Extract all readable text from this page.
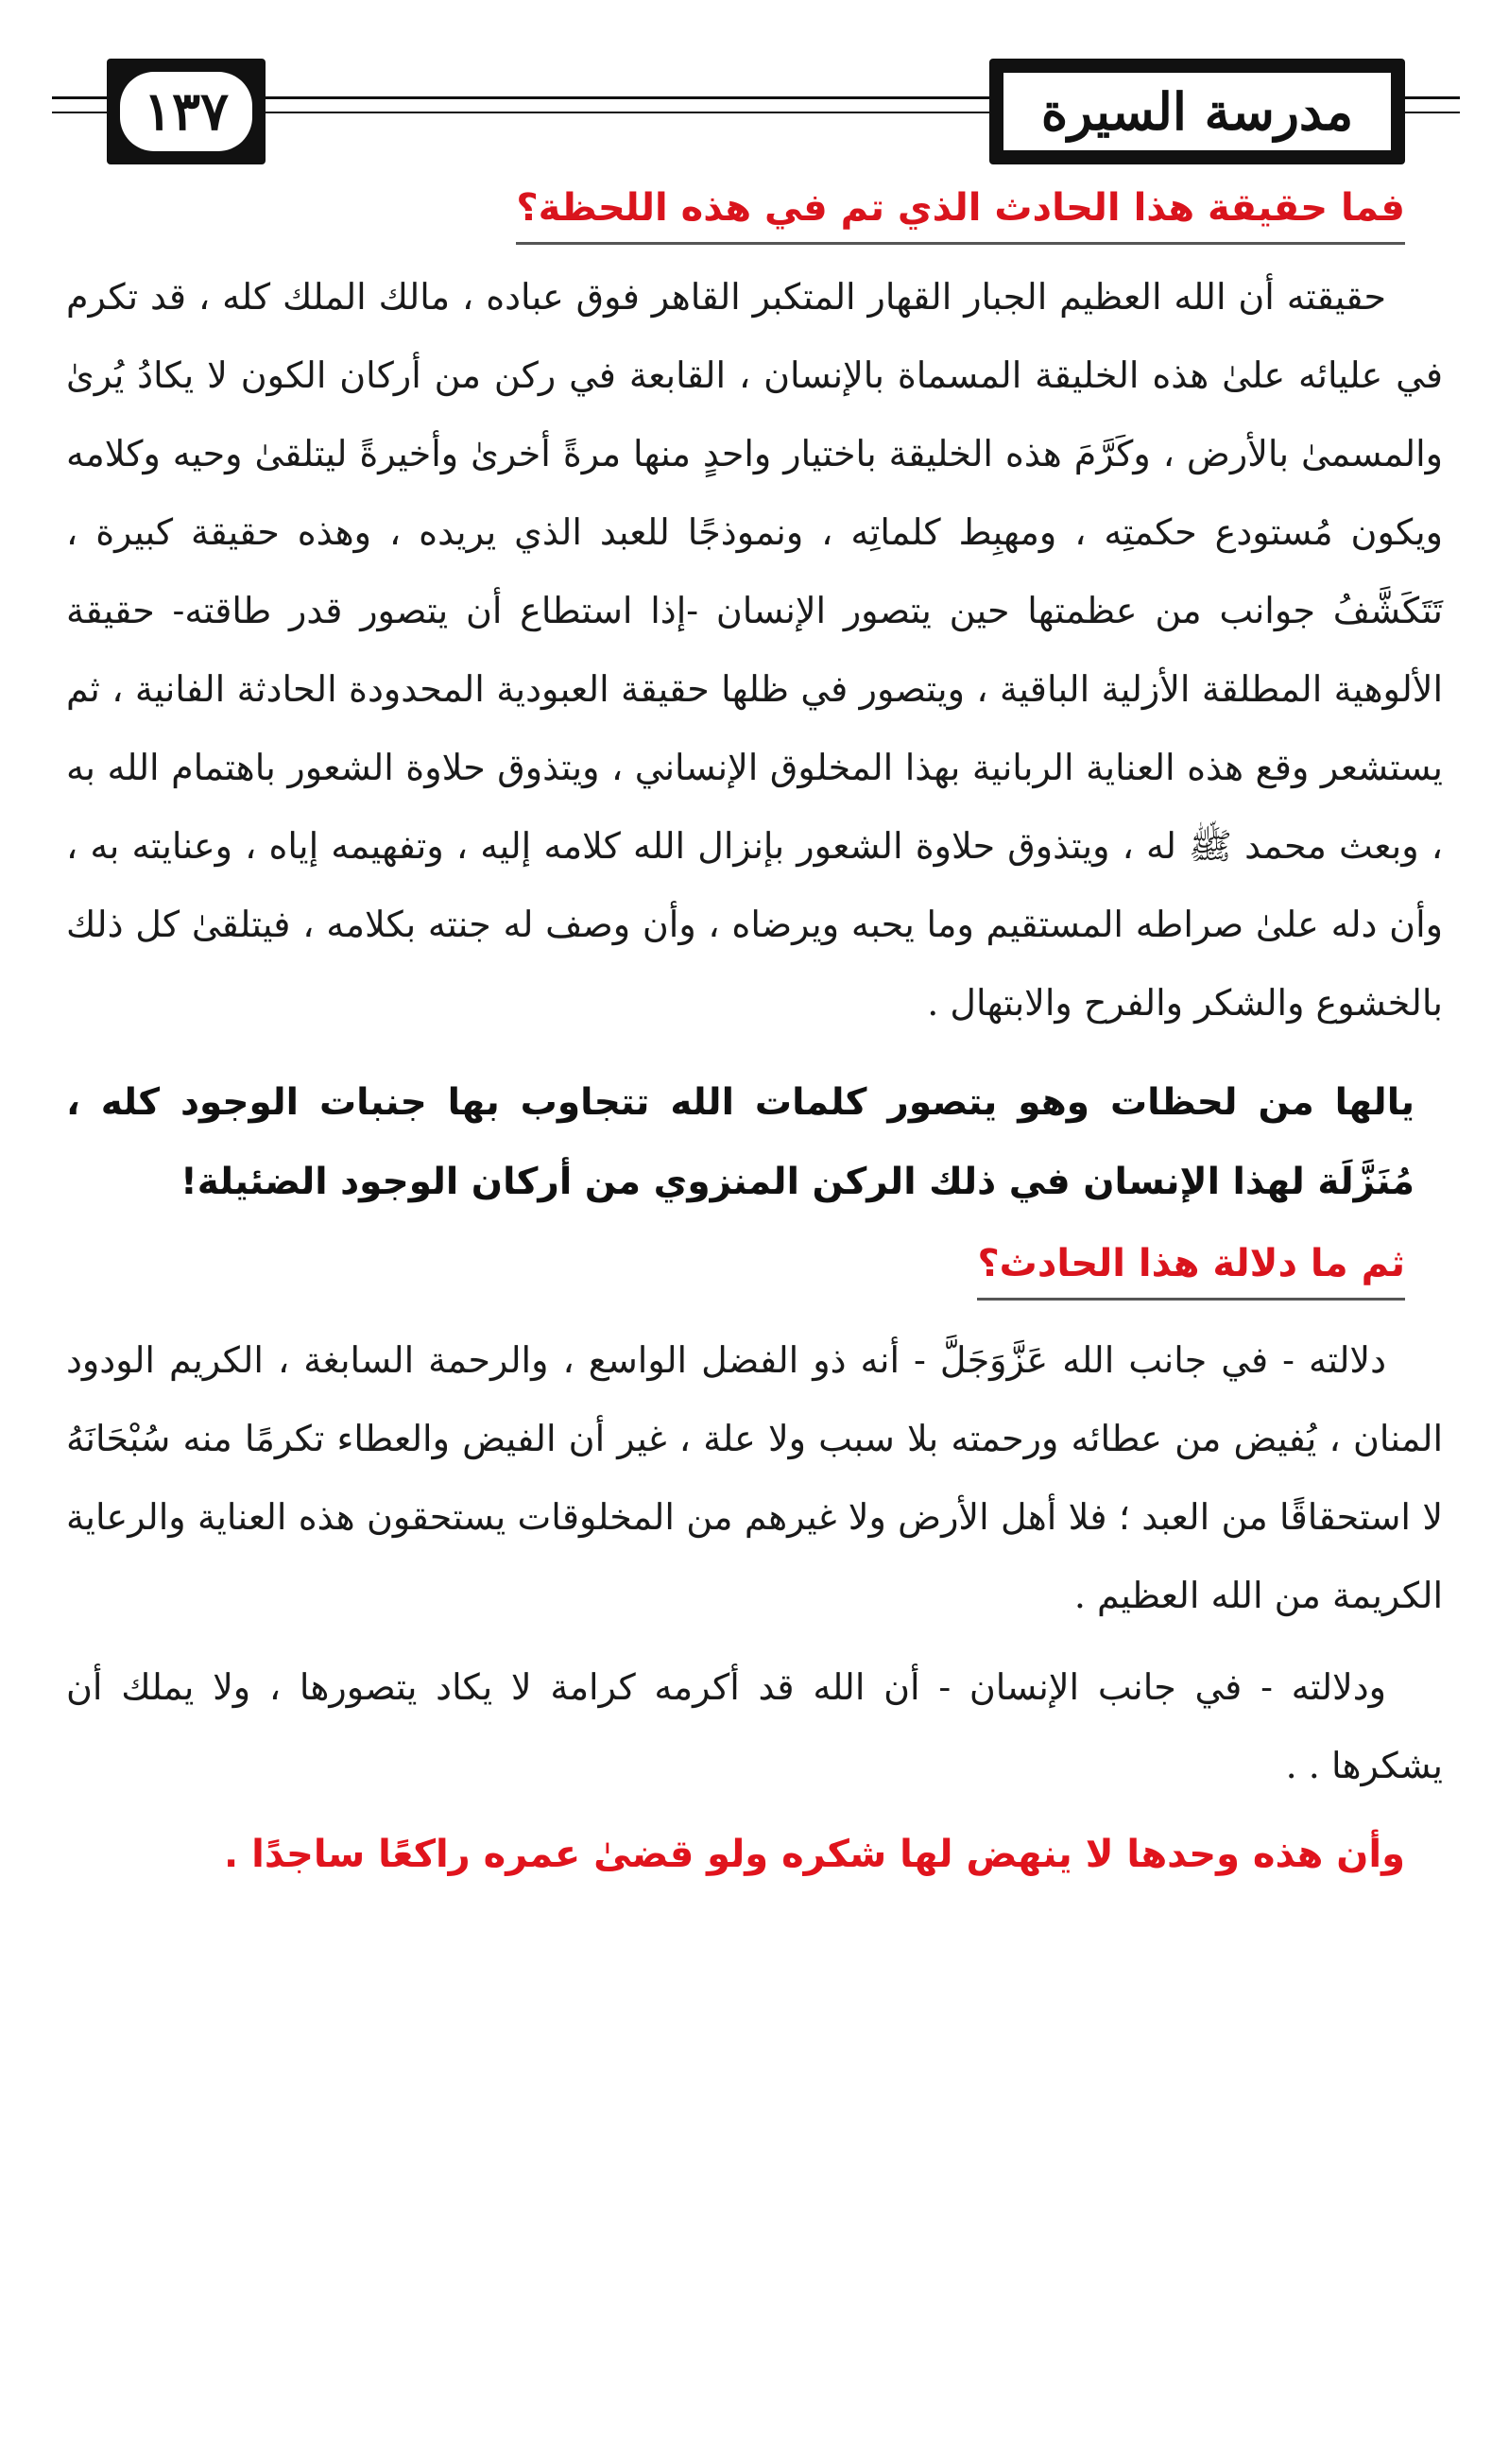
١٣٧	مدرسة السيرة
فما حقيقة هذا الحادث الذي تم في هذه اللحظة؟

حقيقته أن الله العظيم الجبار القهار المتكبر القاهر فوق عباده ، مالك الملك كله ، قد تكرم في عليائه علىٰ هذه الخليقة المسماة بالإنسان ، القابعة في ركن من أركان الكون لا يكادُ يُرىٰ والمسمىٰ بالأرض ، وكَرَّمَ هذه الخليقة باختيار واحدٍ منها مرةً أخرىٰ وأخيرةً ليتلقىٰ وحيه وكلامه ويكون مُستودع حكمتِه ، ومهبِط كلماتِه ، ونموذجًا للعبد الذي يريده ، وهذه حقيقة كبيرة ، تَتَكَشَّفُ جوانب من عظمتها حين يتصور الإنسان -إذا استطاع أن يتصور قدر طاقته- حقيقة الألوهية المطلقة الأزلية الباقية ، ويتصور في ظلها حقيقة العبودية المحدودة الحادثة الفانية ، ثم يستشعر وقع هذه العناية الربانية بهذا المخلوق الإنساني ، ويتذوق حلاوة الشعور باهتمام الله به ، وبعث محمد ﷺ له ، ويتذوق حلاوة الشعور بإنزال الله كلامه إليه ، وتفهيمه إياه ، وعنايته به ، وأن دله علىٰ صراطه المستقيم وما يحبه ويرضاه ، وأن وصف له جنته بكلامه ، فيتلقىٰ كل ذلك بالخشوع والشكر والفرح والابتهال .

يالها من لحظات وهو يتصور كلمات الله تتجاوب بها جنبات الوجود كله ، مُنَزَّلَة لهذا الإنسان في ذلك الركن المنزوي من أركان الوجود الضئيلة!

ثم ما دلالة هذا الحادث؟

دلالته - في جانب الله عَزَّوَجَلَّ - أنه ذو الفضل الواسع ، والرحمة السابغة ، الكريم الودود المنان ، يُفيض من عطائه ورحمته بلا سبب ولا علة ، غير أن الفيض والعطاء تكرمًا منه سُبْحَانَهُ لا استحقاقًا من العبد ؛ فلا أهل الأرض ولا غيرهم من المخلوقات يستحقون هذه العناية والرعاية الكريمة من الله العظيم .

ودلالته - في جانب الإنسان - أن الله قد أكرمه كرامة لا يكاد يتصورها ، ولا يملك أن يشكرها . .

وأن هذه وحدها لا ينهض لها شكره ولو قضىٰ عمره راكعًا ساجدًا .
